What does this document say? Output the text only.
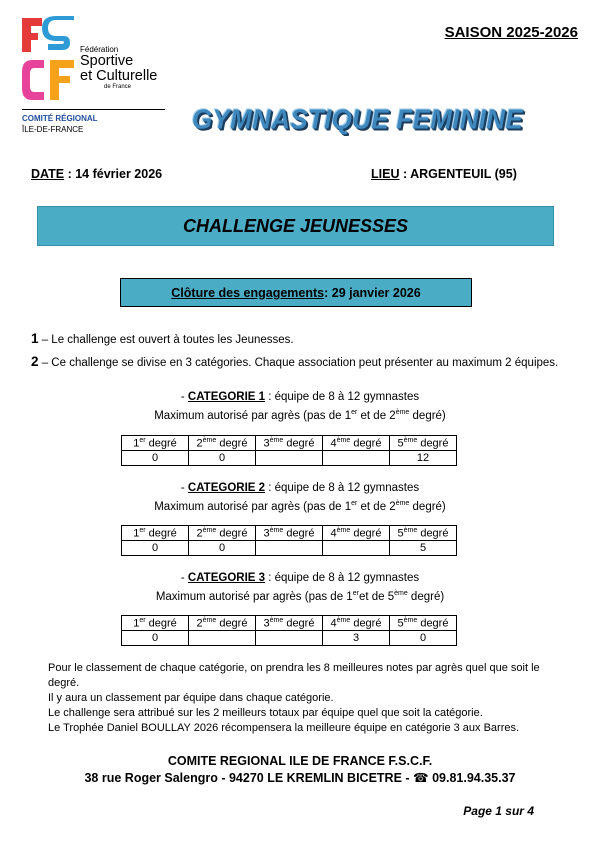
Fédération
Sportive
et Culturelle
de France
COMITÉ RÉGIONAL
ÎLE-DE-FRANCE
SAISON 2025-2026
GYMNASTIQUE FEMININE
DATE : 14 février 2026	LIEU : ARGENTEUIL (95)
CHALLENGE JEUNESSES
Clôture des engagements : 29 janvier 2026
1 – Le challenge est ouvert à toutes les Jeunesses.
2 – Ce challenge se divise en 3 catégories. Chaque association peut présenter au maximum 2 équipes.
- CATEGORIE 1 : équipe de 8 à 12 gymnastes
Maximum autorisé par agrès (pas de 1er et de 2ème degré)
1er degré	2ème degré	3ème degré	4ème degré	5ème degré
0	0			12
- CATEGORIE 2 : équipe de 8 à 12 gymnastes
Maximum autorisé par agrès (pas de 1er et de 2ème degré)
1er degré	2ème degré	3ème degré	4ème degré	5ème degré
0	0			5
- CATEGORIE 3 : équipe de 8 à 12 gymnastes
Maximum autorisé par agrès (pas de 1eret de 5ème degré)
1er degré	2ème degré	3ème degré	4ème degré	5ème degré
0			3	0
Pour le classement de chaque catégorie, on prendra les 8 meilleures notes par agrès quel que soit le degré.
Il y aura un classement par équipe dans chaque catégorie.
Le challenge sera attribué sur les 2 meilleurs totaux par équipe quel que soit la catégorie.
Le Trophée Daniel BOULLAY 2026 récompensera la meilleure équipe en catégorie 3 aux Barres.
COMITE REGIONAL ILE DE FRANCE F.S.C.F.
38 rue Roger Salengro - 94270 LE KREMLIN BICETRE - ☎ 09.81.94.35.37
Page 1 sur 4
